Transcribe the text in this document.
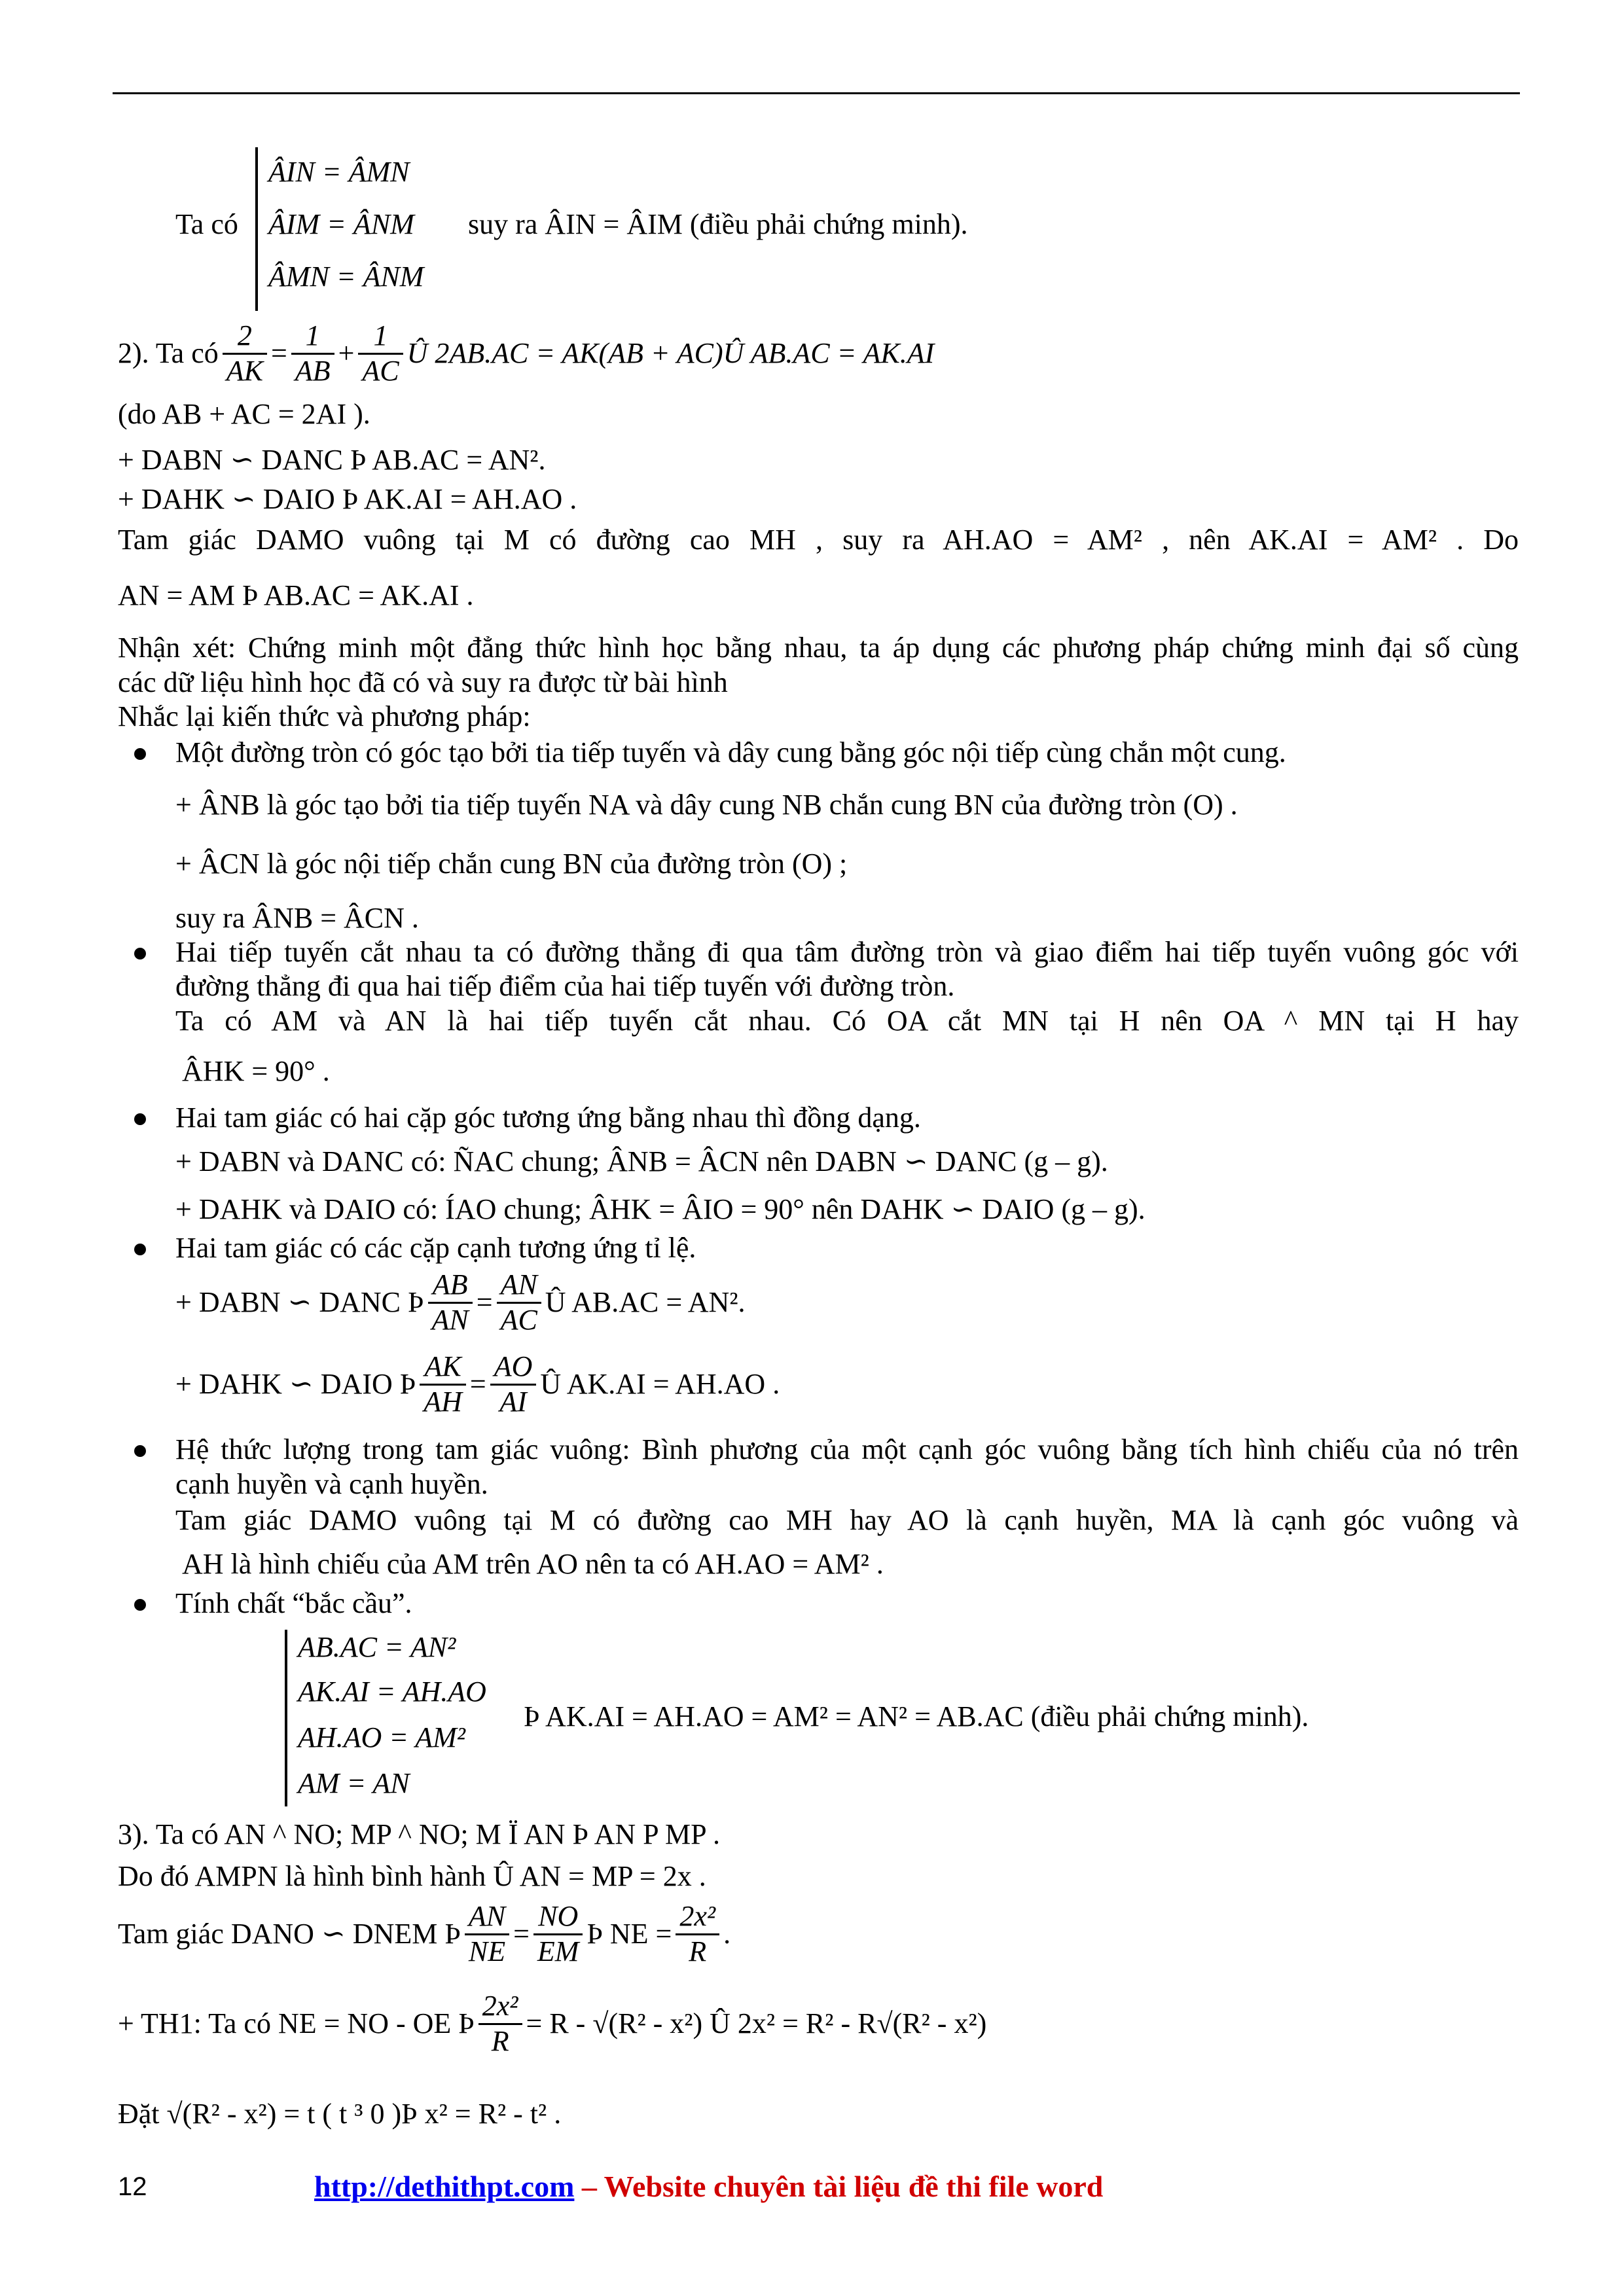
Ta có
ÂIN = ÂMN
ÂIM = ÂNM
ÂMN = ÂNM
suy ra ÂIN = ÂIM (điều phải chứng minh).
2). Ta có $\frac{2}{AK} = \frac{1}{AB} + \frac{1}{AC}$ Û 2AB.AC = AK(AB + AC)Û AB.AC = AK.AI
(do AB + AC = 2AI ).
+ DABN ∽ DANC Þ AB.AC = AN².
+ DAHK ∽ DAIO Þ AK.AI = AH.AO .
Tam giác DAMO vuông tại M có đường cao MH , suy ra AH.AO = AM² , nên AK.AI = AM² . Do
AN = AM Þ AB.AC = AK.AI .
Nhận xét: Chứng minh một đẳng thức hình học bằng nhau, ta áp dụng các phương pháp chứng minh đại số cùng
các dữ liệu hình học đã có và suy ra được từ bài hình
Nhắc lại kiến thức và phương pháp:
Một đường tròn có góc tạo bởi tia tiếp tuyến và dây cung bằng góc nội tiếp cùng chắn một cung.
+ ÂNB là góc tạo bởi tia tiếp tuyến NA và dây cung NB chắn cung BN của đường tròn (O) .
+ ÂCN là góc nội tiếp chắn cung BN của đường tròn (O) ;
suy ra ÂNB = ÂCN .
Hai tiếp tuyến cắt nhau ta có đường thẳng đi qua tâm đường tròn và giao điểm hai tiếp tuyến vuông góc với
đường thẳng đi qua hai tiếp điểm của hai tiếp tuyến với đường tròn.
Ta có AM và AN là hai tiếp tuyến cắt nhau. Có OA cắt MN tại H nên OA ^ MN tại H hay
ÂHK = 90° .
Hai tam giác có hai cặp góc tương ứng bằng nhau thì đồng dạng.
+ DABN và DANC có: ÑAC chung; ÂNB = ÂCN nên DABN ∽ DANC (g – g).
+ DAHK và DAIO có: ÍAO chung; ÂHK = ÂIO = 90° nên DAHK ∽ DAIO (g – g).
Hai tam giác có các cặp cạnh tương ứng tỉ lệ.
+ DABN ∽ DANC Þ $\frac{AB}{AN} = \frac{AN}{AC}$ Û AB.AC = AN².
+ DAHK ∽ DAIO Þ $\frac{AK}{AH} = \frac{AO}{AI}$ Û AK.AI = AH.AO .
Hệ thức lượng trong tam giác vuông: Bình phương của một cạnh góc vuông bằng tích hình chiếu của nó trên
cạnh huyền và cạnh huyền.
Tam giác DAMO vuông tại M có đường cao MH hay AO là cạnh huyền, MA là cạnh góc vuông và
AH là hình chiếu của AM trên AO nên ta có AH.AO = AM² .
Tính chất “bắc cầu”.
AB.AC = AN²
AK.AI = AH.AO
AH.AO = AM²
AM = AN
Þ AK.AI = AH.AO = AM² = AN² = AB.AC (điều phải chứng minh).
3). Ta có AN ^ NO; MP ^ NO; M Ï AN Þ AN P MP .
Do đó AMPN là hình bình hành Û AN = MP = 2x .
Tam giác DANO ∽ DNEM Þ $\frac{AN}{NE} = \frac{NO}{EM}$ Þ NE = $\frac{\text{2x²}}{R}$ .
+ TH1: Ta có NE = NO - OE Þ $\frac{\text{2x²}}{R} = R - √(R^2 - x^2)$ Û 2x² = R² - R√(R² - x²)
Đặt √(R² - x²) = t ( t ³ 0 )Þ x² = R² - t² .
12	http://dethithpt.com – Website chuyên tài liệu đề thi file word
